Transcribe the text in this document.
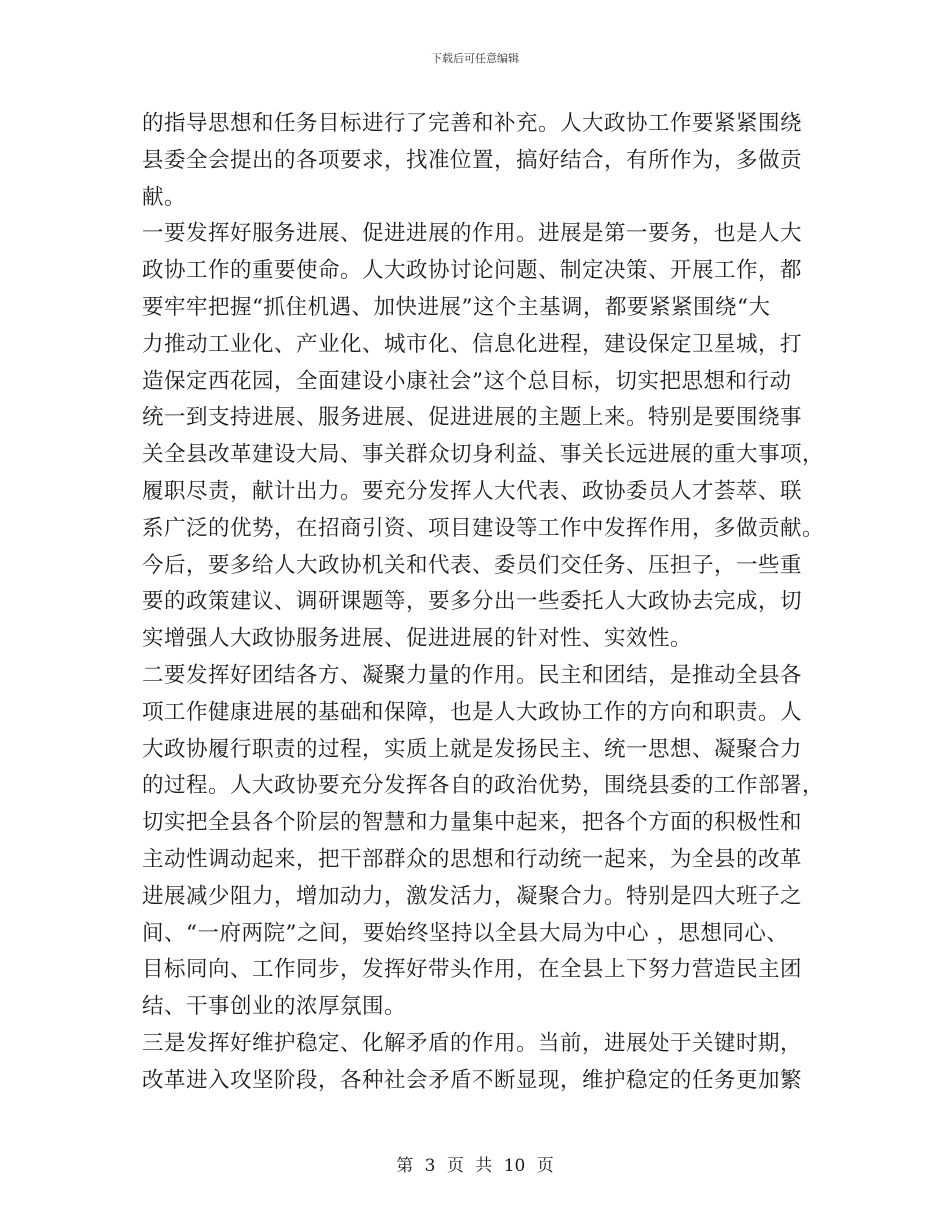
下载后可任意编辑
的指导思想和任务目标进行了完善和补充。人大政协工作要紧紧围绕
县委全会提出的各项要求，找准位置，搞好结合，有所作为，多做贡
献。
一要发挥好服务进展、促进进展的作用。进展是第一要务，也是人大
政协工作的重要使命。人大政协讨论问题、制定决策、开展工作，都
要牢牢把握“抓住机遇、加快进展”这个主基调，都要紧紧围绕“大
力推动工业化、产业化、城市化、信息化进程，建设保定卫星城，打
造保定西花园，全面建设小康社会”这个总目标，切实把思想和行动
统一到支持进展、服务进展、促进进展的主题上来。特别是要围绕事
关全县改革建设大局、事关群众切身利益、事关长远进展的重大事项，
履职尽责，献计出力。要充分发挥人大代表、政协委员人才荟萃、联
系广泛的优势，在招商引资、项目建设等工作中发挥作用，多做贡献。
今后，要多给人大政协机关和代表、委员们交任务、压担子，一些重
要的政策建议、调研课题等，要多分出一些委托人大政协去完成，切
实增强人大政协服务进展、促进进展的针对性、实效性。
二要发挥好团结各方、凝聚力量的作用。民主和团结，是推动全县各
项工作健康进展的基础和保障，也是人大政协工作的方向和职责。人
大政协履行职责的过程，实质上就是发扬民主、统一思想、凝聚合力
的过程。人大政协要充分发挥各自的政治优势，围绕县委的工作部署，
切实把全县各个阶层的智慧和力量集中起来，把各个方面的积极性和
主动性调动起来，把干部群众的思想和行动统一起来，为全县的改革
进展减少阻力，增加动力，激发活力，凝聚合力。特别是四大班子之
间、“一府两院”之间，要始终坚持以全县大局为中心 ，思想同心、
目标同向、工作同步，发挥好带头作用，在全县上下努力营造民主团
结、干事创业的浓厚氛围。
三是发挥好维护稳定、化解矛盾的作用。当前，进展处于关键时期，
改革进入攻坚阶段，各种社会矛盾不断显现，维护稳定的任务更加繁
第 3 页 共 10 页
